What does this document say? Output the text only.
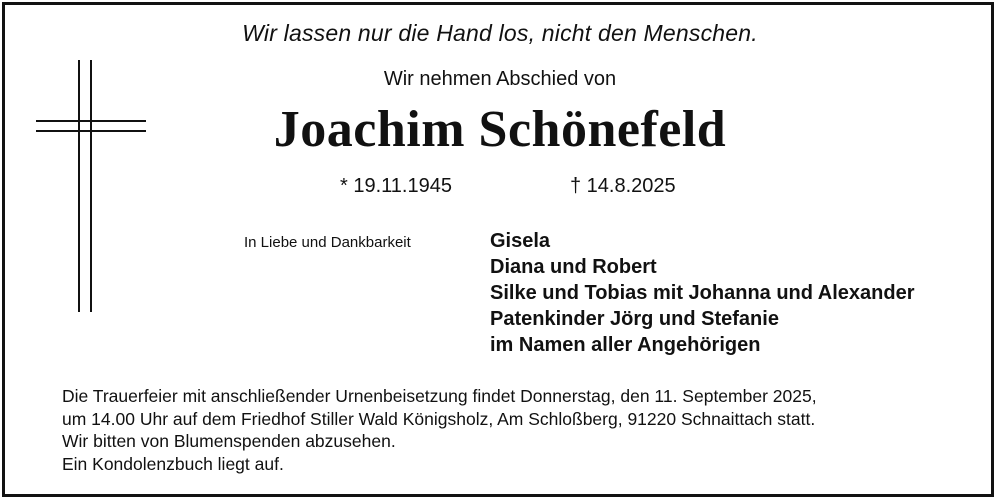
Wir lassen nur die Hand los, nicht den Menschen.
Wir nehmen Abschied von
Joachim Schönefeld
* 19.11.1945	† 14.8.2025
In Liebe und Dankbarkeit	Gisela
Diana und Robert
Silke und Tobias mit Johanna und Alexander
Patenkinder Jörg und Stefanie
im Namen aller Angehörigen
Die Trauerfeier mit anschließender Urnenbeisetzung findet Donnerstag, den 11. September 2025,
um 14.00 Uhr auf dem Friedhof Stiller Wald Königsholz, Am Schloßberg, 91220 Schnaittach statt.
Wir bitten von Blumenspenden abzusehen.
Ein Kondolenzbuch liegt auf.
